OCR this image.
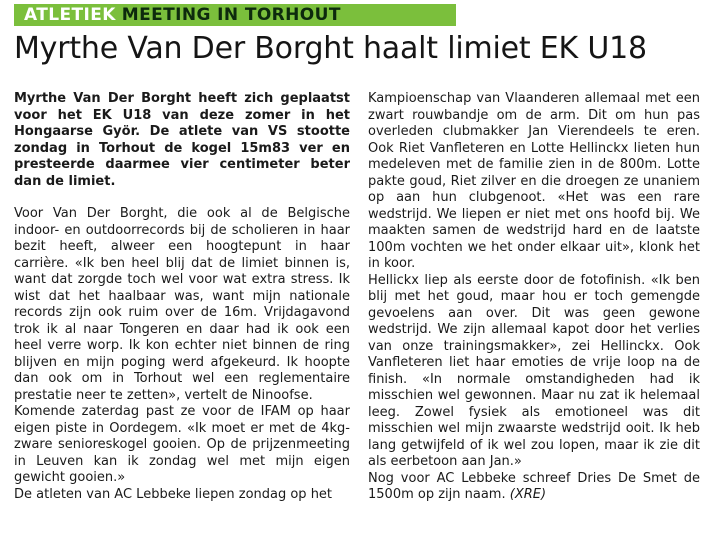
ATLETIEK MEETING IN TORHOUT
Myrthe Van Der Borght haalt limiet EK U18

Myrthe Van Der Borght heeft zich geplaatst voor het EK U18 van deze zomer in het Hongaarse Györ. De atlete van VS stootte zondag in Torhout de kogel 15m83 ver en presteerde daarmee vier centimeter beter dan de limiet.

Voor Van Der Borght, die ook al de Belgische indoor- en outdoorrecords bij de scholieren in haar bezit heeft, alweer een hoogtepunt in haar carrière. «Ik ben heel blij dat de limiet binnen is, want dat zorgde toch wel voor wat extra stress. Ik wist dat het haalbaar was, want mijn nationale records zijn ook ruim over de 16m. Vrijdagavond trok ik al naar Tongeren en daar had ik ook een heel verre worp. Ik kon echter niet binnen de ring blijven en mijn poging werd afgekeurd. Ik hoopte dan ook om in Torhout wel een reglementaire prestatie neer te zetten», vertelt de Ninoofse.

Komende zaterdag past ze voor de IFAM op haar eigen piste in Oordegem. «Ik moet er met de 4kg-zware senioreskogel gooien. Op de prijzenmeeting in Leuven kan ik zondag wel met mijn eigen gewicht gooien.»

De atleten van AC Lebbeke liepen zondag op het

Kampioenschap van Vlaanderen allemaal met een zwart rouwbandje om de arm. Dit om hun pas overleden clubmakker Jan Vierendeels te eren. Ook Riet Vanfleteren en Lotte Hellinckx lieten hun medeleven met de familie zien in de 800m. Lotte pakte goud, Riet zilver en die droegen ze unaniem op aan hun clubgenoot. «Het was een rare wedstrijd. We liepen er niet met ons hoofd bij. We maakten samen de wedstrijd hard en de laatste 100m vochten we het onder elkaar uit», klonk het in koor.

Hellickx liep als eerste door de fotofinish. «Ik ben blij met het goud, maar hou er toch gemengde gevoelens aan over. Dit was geen gewone wedstrijd. We zijn allemaal kapot door het verlies van onze trainingsmakker», zei Hellinckx. Ook Vanfleteren liet haar emoties de vrije loop na de finish. «In normale omstandigheden had ik misschien wel gewonnen. Maar nu zat ik helemaal leeg. Zowel fysiek als emotioneel was dit misschien wel mijn zwaarste wedstrijd ooit. Ik heb lang getwijfeld of ik wel zou lopen, maar ik zie dit als eerbetoon aan Jan.»

Nog voor AC Lebbeke schreef Dries De Smet de 1500m op zijn naam. (XRE)
